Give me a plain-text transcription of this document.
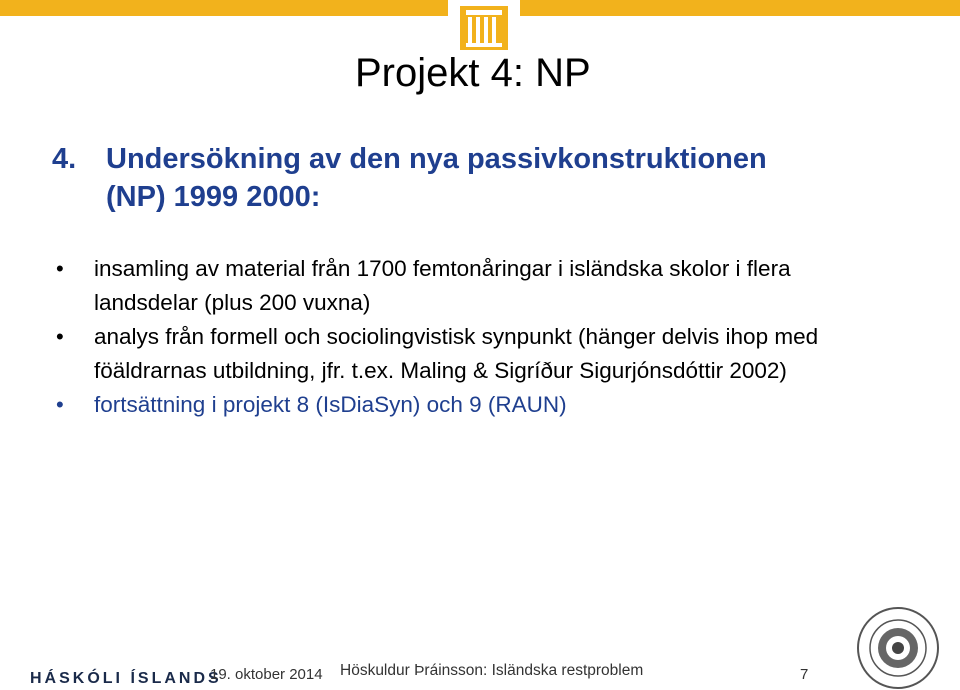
Projekt 4: NP
4. Undersökning av den nya passivkonstruktionen
(NP) 1999 2000:
• insamling av material från 1700 femtonåringar i isländska skolor i flera landsdelar (plus 200 vuxna)
• analys från formell och sociolingvistisk synpunkt (hänger delvis ihop med föäldrarnas utbildning, jfr. t.ex. Maling & Sigríður Sigurjónsdóttir 2002)
• fortsättning i projekt 8 (IsDiaSyn) och 9 (RAUN)
HÁSKÓLI ÍSLANDS
19. oktober 2014 Höskuldur Þráinsson: Isländska restproblem	7
